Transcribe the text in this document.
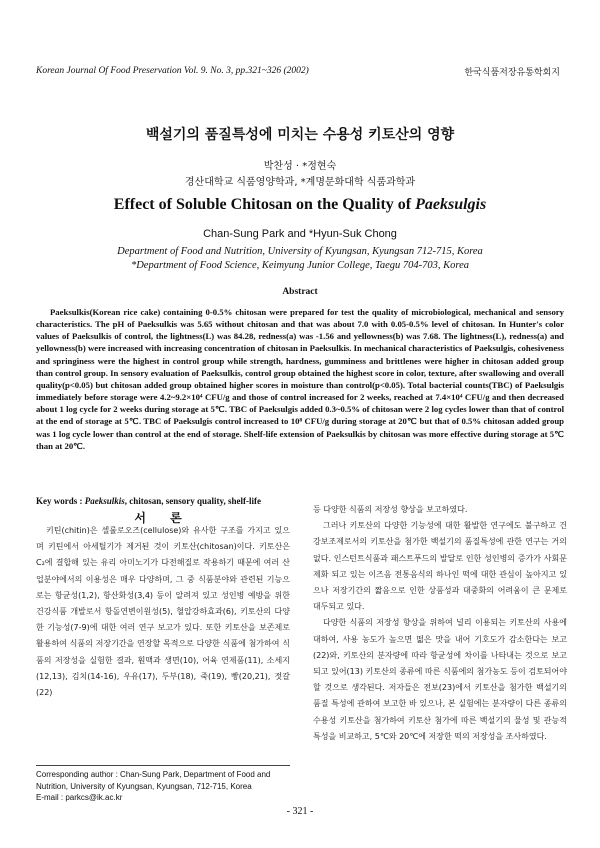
Korean Journal Of Food Preservation Vol. 9. No. 3, pp.321~326 (2002)	한국식품저장유통학회지
백설기의 품질특성에 미치는 수용성 키토산의 영향
박찬성 · *정현숙
경산대학교 식품영양학과, *계명문화대학 식품과학과
Effect of Soluble Chitosan on the Quality of Paeksulgis
Chan-Sung Park and *Hyun-Suk Chong
Department of Food and Nutrition, University of Kyungsan, Kyungsan 712-715, Korea
*Department of Food Science, Keimyung Junior College, Taegu 704-703, Korea
Abstract

Paeksulkis(Korean rice cake) containing 0-0.5% chitosan were prepared for test the quality of microbiological, mechanical and sensory characteristics. The pH of Paeksulkis was 5.65 without chitosan and that was about 7.0 with 0.05-0.5% level of chitosan. In Hunter's color values of Paeksulkis of control, the lightness(L) was 84.28, redness(a) was -1.56 and yellowness(b) was 7.68. The lightness(L), redness(a) and yellowness(b) were increased with increasing concentration of chitosan in Paeksulkis. In mechanical characteristics of Paeksulgis, cohesiveness and springiness were the highest in control group while strength, hardness, gumminess and brittlenes were higher in chitosan added group than control group. In sensory evaluation of Paeksulkis, control group obtained the highest score in color, texture, after swallowing and overall quality(p<0.05) but chitosan added group obtained higher scores in moisture than control(p<0.05). Total bacterial counts(TBC) of Paeksulgis immediately before storage were 4.2~9.2×10⁴ CFU/g and those of control increased for 2 weeks, reached at 7.4×10⁴ CFU/g and then decreased about 1 log cycle for 2 weeks during storage at 5℃. TBC of Paeksulgis added 0.3~0.5% of chitosan were 2 log cycles lower than that of control at the end of storage at 5℃. TBC of Paeksulgis control increased to 10⁸ CFU/g during storage at 20℃ but that of 0.5% chitosan added group was 1 log cycle lower than control at the end of storage. Shelf-life extension of Paeksulkis by chitosan was more effective during storage at 5℃ than at 20℃.

Key words : Paeksulkis, chitosan, sensory quality, shelf-life
서 론

키틴(chitin)은 셀룰로오즈(cellulose)와 유사한 구조를 가지고 있으며 키틴에서 아세틸기가 제거된 것이 키토산(chitosan)이다. 키토산은 C₂에 결합해 있는 유리 아미노기가 다전해질로 작용하기 때문에 여러 산업분야에서의 이용성은 매우 다양하며, 그 중 식품분야와 관련된 기능으로는 항균성(1,2), 항산화성(3,4) 등이 알려져 있고 성인병 예방을 위한 건강식품 개발로서 항돌연변이원성(5), 혈압강하효과(6), 키토산의 다양한 기능성(7-9)에 대한 여러 연구 보고가 있다. 또한 키토산을 보존제로 활용하여 식품의 저장기간을 연장할 목적으로 다양한 식품에 첨가하여 식품의 저장성을 실험한 결과, 훤맥과 생면(10), 어육 연제품(11), 소세지(12,13), 김치(14-16), 우유(17), 두부(18), 죽(19), 빵(20,21), 젓갈(22)

등 다양한 식품의 저장성 향상을 보고하였다.

그러나 키토산의 다양한 기능성에 대한 활발한 연구에도 불구하고 건강보조제로서의 키토산을 첨가한 백설기의 품질특성에 관한 연구는 거의 없다. 인스턴트식품과 패스트푸드의 발달로 인한 성인병의 증가가 사회문제화 되고 있는 이즈음 전통음식의 하나인 떡에 대한 관심이 높아지고 있으나 저장기간의 짧음으로 인한 상품성과 대중화의 어려움이 큰 문제로 대두되고 있다.

다양한 식품의 저장성 향상을 위하여 널리 이용되는 키토산의 사용에 대하여, 사용 농도가 높으면 떫은 맛을 내어 기호도가 감소한다는 보고(22)와, 키토산의 분자량에 따라 항균성에 차이를 나타내는 것으로 보고되고 있어(13) 키토산의 종류에 따른 식품에의 첨가농도 등이 검토되어야 할 것으로 생각된다. 저자들은 전보(23)에서 키토산을 첨가한 백설기의 품질 특성에 관하여 보고한 바 있으나, 본 실험에는 분자량이 다른 종류의 수용성 키토산을 첨가하여 키토산 첨가에 따른 백설기의 물성 및 관능적 특성을 비교하고, 5℃와 20℃에 저장한 떡의 저장성을 조사하였다.

Corresponding author : Chan-Sung Park, Department of Food and
Nutrition, University of Kyungsan, Kyungsan, 712-715, Korea
E-mail : parkcs@ik.ac.kr
- 321 -
